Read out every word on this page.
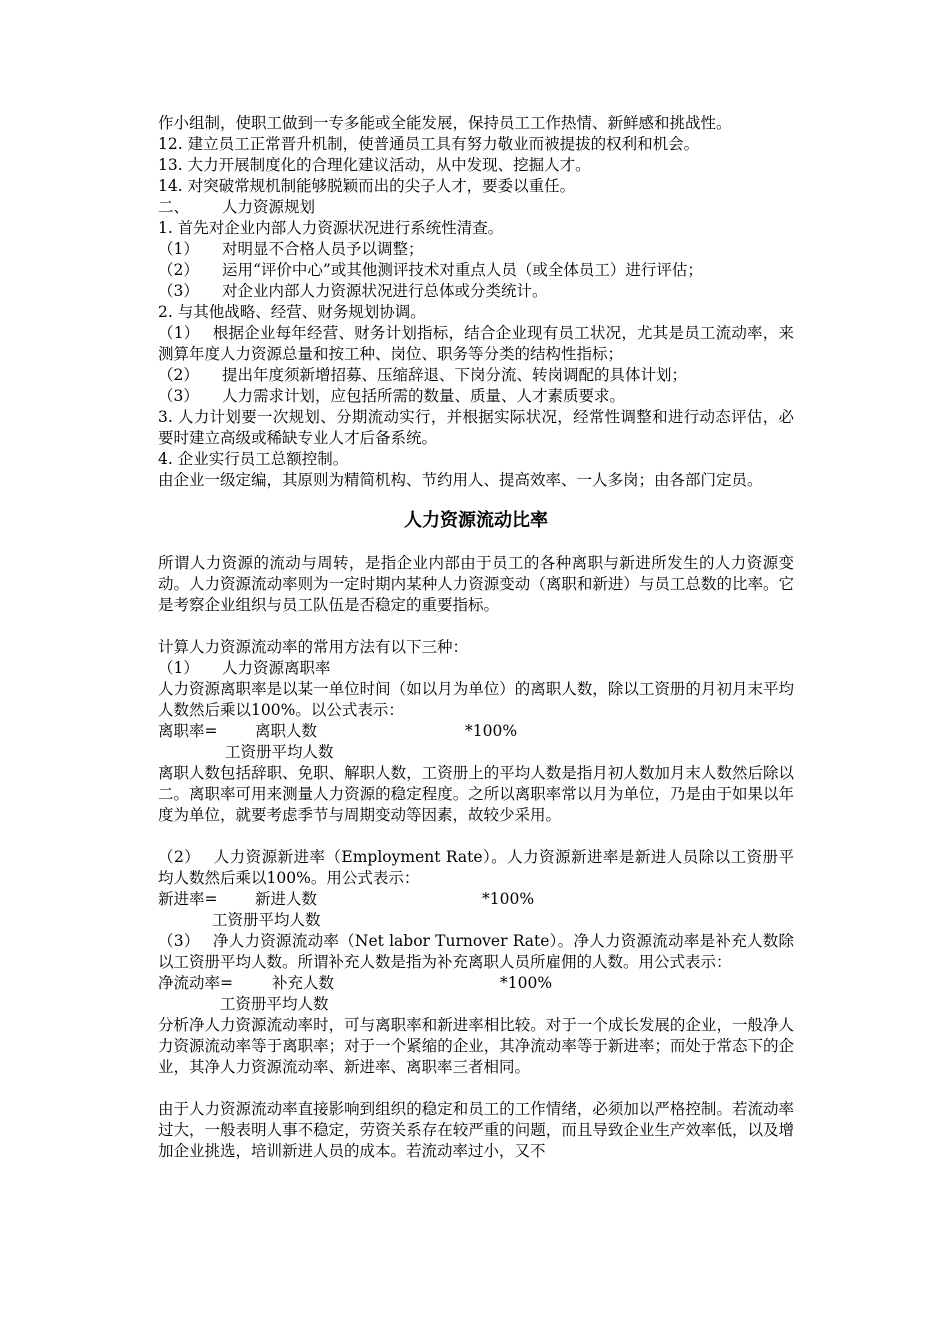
作小组制，使职工做到一专多能或全能发展，保持员工工作热情、新鲜感和挑战性。

12. 建立员工正常晋升机制，使普通员工具有努力敬业而被提拔的权利和机会。

13. 大力开展制度化的合理化建议活动，从中发现、挖掘人才。

14. 对突破常规机制能够脱颖而出的尖子人才，要委以重任。

二、	人力资源规划

1. 首先对企业内部人力资源状况进行系统性清查。

（1）	对明显不合格人员予以调整；
（2）	运用“评价中心”或其他测评技术对重点人员（或全体员工）进行评估；
（3）	对企业内部人力资源状况进行总体或分类统计。

2. 与其他战略、经营、财务规划协调。

（1） 根据企业每年经营、财务计划指标，结合企业现有员工状况，尤其是员工流动率，来测算年度人力资源总量和按工种、岗位、职务等分类的结构性指标；

（2）	提出年度须新增招募、压缩辞退、下岗分流、转岗调配的具体计划；
（3）	人力需求计划，应包括所需的数量、质量、人才素质要求。

3. 人力计划要一次规划、分期流动实行，并根据实际状况，经常性调整和进行动态评估，必要时建立高级或稀缺专业人才后备系统。

4. 企业实行员工总额控制。

由企业一级定编，其原则为精简机构、节约用人、提高效率、一人多岗；由各部门定员。

人力资源流动比率

所谓人力资源的流动与周转，是指企业内部由于员工的各种离职与新进所发生的人力资源变动。人力资源流动率则为一定时期内某种人力资源变动（离职和新进）与员工总数的比率。它是考察企业组织与员工队伍是否稳定的重要指标。

计算人力资源流动率的常用方法有以下三种：

（1）	人力资源离职率

人力资源离职率是以某一单位时间（如以月为单位）的离职人数，除以工资册的月初月末平均人数然后乘以100%。以公式表示：

离职率= 离职人数	*100%
工资册平均人数

离职人数包括辞职、免职、解职人数，工资册上的平均人数是指月初人数加月末人数然后除以二。离职率可用来测量人力资源的稳定程度。之所以离职率常以月为单位，乃是由于如果以年度为单位，就要考虑季节与周期变动等因素，故较少采用。

（2） 人力资源新进率（Employment Rate）。人力资源新进率是新进人员除以工资册平均人数然后乘以100%。用公式表示：

新进率= 新进人数	*100%
工资册平均人数

（3） 净人力资源流动率（Net labor Turnover Rate）。净人力资源流动率是补充人数除以工资册平均人数。所谓补充人数是指为补充离职人员所雇佣的人数。用公式表示：

净流动率=	补充人数	*100%
工资册平均人数

分析净人力资源流动率时，可与离职率和新进率相比较。对于一个成长发展的企业，一般净人力资源流动率等于离职率；对于一个紧缩的企业，其净流动率等于新进率；而处于常态下的企业，其净人力资源流动率、新进率、离职率三者相同。

由于人力资源流动率直接影响到组织的稳定和员工的工作情绪，必须加以严格控制。若流动率过大，一般表明人事不稳定，劳资关系存在较严重的问题，而且导致企业生产效率低，以及增加企业挑选，培训新进人员的成本。若流动率过小，又不
